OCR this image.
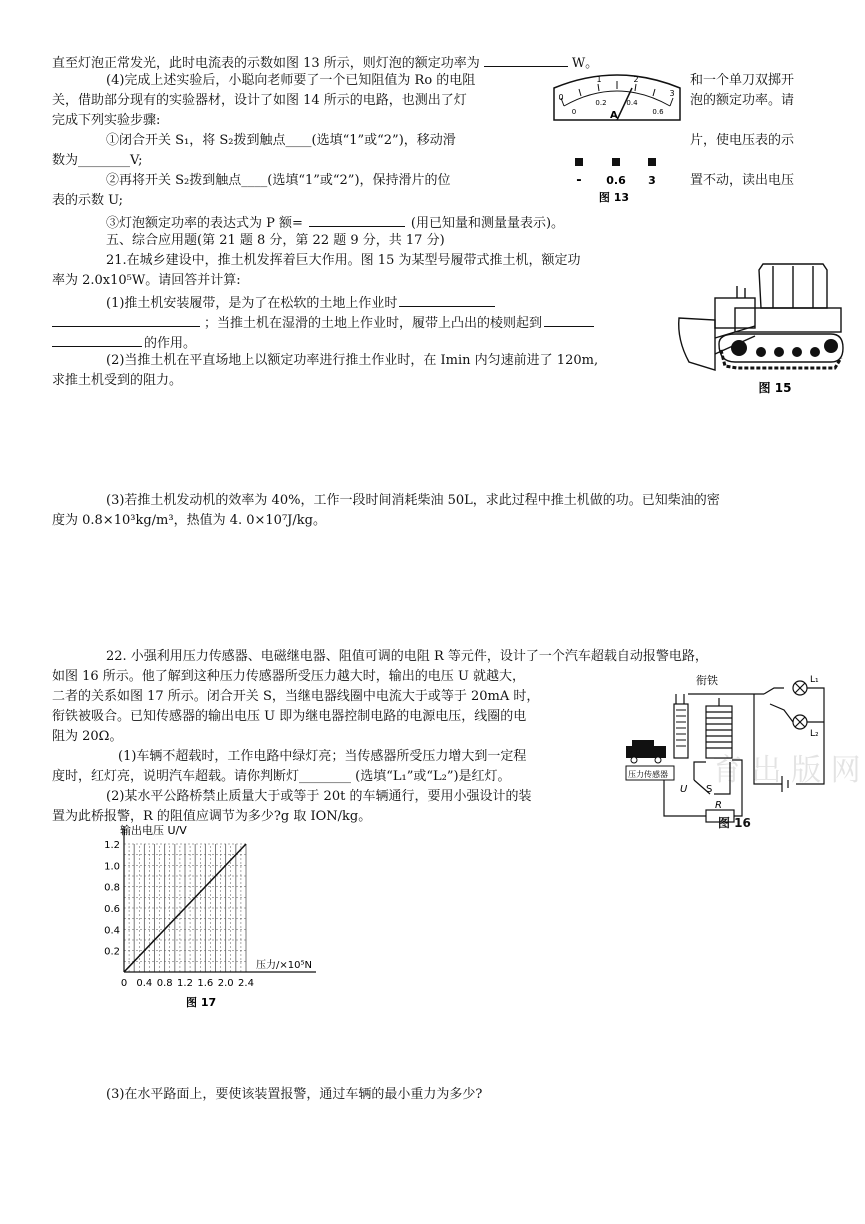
直至灯泡正常发光，此时电流表的示数如图 13 所示，则灯泡的额定功率为	W。
(4)完成上述实验后，小聪向老师要了一个已知阻值为 Ro 的电阻	和一个单刀双掷开
关，借助部分现有的实验器材，设计了如图 14 所示的电路，也测出了灯	泡的额定功率。请
完成下列实验步骤:
①闭合开关 S₁，将 S₂拨到触点____(选填“1”或“2”)，移动滑	片，使电压表的示
数为________V;
②再将开关 S₂拨到触点____(选填“1”或“2”)，保持滑片的位	置不动，读出电压
表的示数 U;
③灯泡额定功率的表达式为 P 额=	(用已知量和测量量表示)。
五、综合应用题(第 21 题 8 分，第 22 题 9 分，共 17 分)
21.在城乡建设中，推土机发挥着巨大作用。图 15 为某型号履带式推土机，额定功
率为 2.0x10⁵W。请回答并计算:
(1)推土机安装履带，是为了在松软的土地上作业时
；当推土机在湿滑的土地上作业时，履带上凸出的棱则起到
的作用。
(2)当推土机在平直场地上以额定功率进行推土作业时，在 Imin 内匀速前进了 120m,
求推土机受到的阻力。
(3)若推土机发动机的效率为 40%，工作一段时间消耗柴油 50L，求此过程中推土机做的功。已知柴油的密
度为 0.8×10³kg/m³，热值为 4. 0×10⁷J/kg。
22. 小强利用压力传感器、电磁继电器、阻值可调的电阻 R 等元件，设计了一个汽车超载自动报警电路，
如图 16 所示。他了解到这种压力传感器所受压力越大时，输出的电压 U 就越大，
二者的关系如图 17 所示。闭合开关 S，当继电器线圈中电流大于或等于 20mA 时，
衔铁被吸合。已知传感器的输出电压 U 即为继电器控制电路的电源电压，线圈的电
阻为 20Ω。
(1)车辆不超载时，工作电路中绿灯亮；当传感器所受压力增大到一定程
度时，红灯亮，说明汽车超载。请你判断灯________ (选填“L₁”或“L₂”)是红灯。
(2)某水平公路桥禁止质量大于或等于 20t 的车辆通行，要用小强设计的装
置为此桥报警，R 的阻值应调节为多少?g 取 ION/kg。
(3)在水平路面上，要使该装置报警，通过车辆的最小重力为多少?
0
1	2
3
0
0.2	0.4
0.6
A
- 0.6 3
图 13
图 15
育 出 版 网
衔铁
压力传感器
U S
R
L₁
L₂
图 16
0 0.4 0.8 1.2 1.6 2.0 2.4
0.2
0.4
0.6
0.8
1.0
1.2
输出电压 U/V
压力/×10⁵N
图 17
